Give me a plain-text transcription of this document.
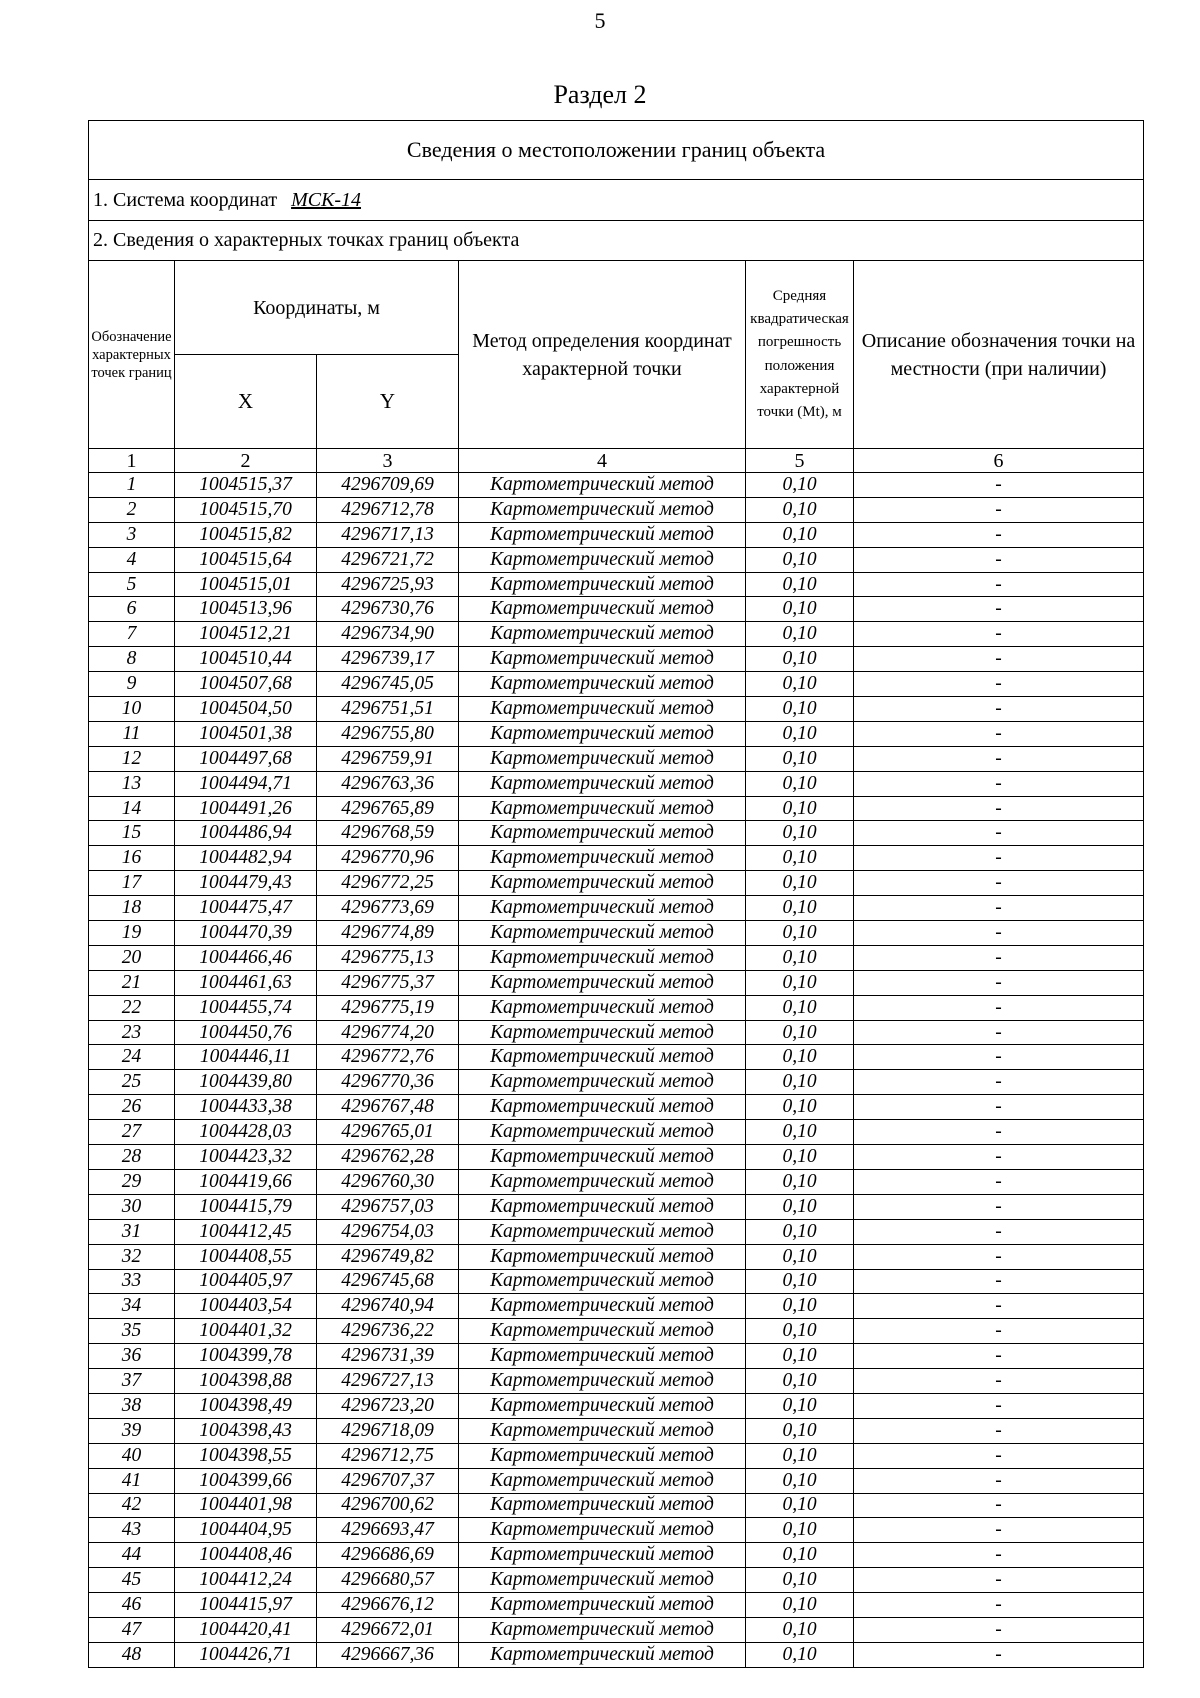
5
Раздел 2
Сведения о местоположении границ объекта					
1. Система координат МСК-14					
2. Сведения о характерных точках границ объекта					
Обозначение характерных точек границ	Координаты, м		Метод определения координат характерной точки	Средняя квадратическая погрешность положения характерной точки (Mt), м	Описание обозначения точки на местности (при наличии)
	X	Y			
1	2	3	4	5	6
1	1004515,37	4296709,69	Картометрический метод	0,10	-
2	1004515,70	4296712,78	Картометрический метод	0,10	-
3	1004515,82	4296717,13	Картометрический метод	0,10	-
4	1004515,64	4296721,72	Картометрический метод	0,10	-
5	1004515,01	4296725,93	Картометрический метод	0,10	-
6	1004513,96	4296730,76	Картометрический метод	0,10	-
7	1004512,21	4296734,90	Картометрический метод	0,10	-
8	1004510,44	4296739,17	Картометрический метод	0,10	-
9	1004507,68	4296745,05	Картометрический метод	0,10	-
10	1004504,50	4296751,51	Картометрический метод	0,10	-
11	1004501,38	4296755,80	Картометрический метод	0,10	-
12	1004497,68	4296759,91	Картометрический метод	0,10	-
13	1004494,71	4296763,36	Картометрический метод	0,10	-
14	1004491,26	4296765,89	Картометрический метод	0,10	-
15	1004486,94	4296768,59	Картометрический метод	0,10	-
16	1004482,94	4296770,96	Картометрический метод	0,10	-
17	1004479,43	4296772,25	Картометрический метод	0,10	-
18	1004475,47	4296773,69	Картометрический метод	0,10	-
19	1004470,39	4296774,89	Картометрический метод	0,10	-
20	1004466,46	4296775,13	Картометрический метод	0,10	-
21	1004461,63	4296775,37	Картометрический метод	0,10	-
22	1004455,74	4296775,19	Картометрический метод	0,10	-
23	1004450,76	4296774,20	Картометрический метод	0,10	-
24	1004446,11	4296772,76	Картометрический метод	0,10	-
25	1004439,80	4296770,36	Картометрический метод	0,10	-
26	1004433,38	4296767,48	Картометрический метод	0,10	-
27	1004428,03	4296765,01	Картометрический метод	0,10	-
28	1004423,32	4296762,28	Картометрический метод	0,10	-
29	1004419,66	4296760,30	Картометрический метод	0,10	-
30	1004415,79	4296757,03	Картометрический метод	0,10	-
31	1004412,45	4296754,03	Картометрический метод	0,10	-
32	1004408,55	4296749,82	Картометрический метод	0,10	-
33	1004405,97	4296745,68	Картометрический метод	0,10	-
34	1004403,54	4296740,94	Картометрический метод	0,10	-
35	1004401,32	4296736,22	Картометрический метод	0,10	-
36	1004399,78	4296731,39	Картометрический метод	0,10	-
37	1004398,88	4296727,13	Картометрический метод	0,10	-
38	1004398,49	4296723,20	Картометрический метод	0,10	-
39	1004398,43	4296718,09	Картометрический метод	0,10	-
40	1004398,55	4296712,75	Картометрический метод	0,10	-
41	1004399,66	4296707,37	Картометрический метод	0,10	-
42	1004401,98	4296700,62	Картометрический метод	0,10	-
43	1004404,95	4296693,47	Картометрический метод	0,10	-
44	1004408,46	4296686,69	Картометрический метод	0,10	-
45	1004412,24	4296680,57	Картометрический метод	0,10	-
46	1004415,97	4296676,12	Картометрический метод	0,10	-
47	1004420,41	4296672,01	Картометрический метод	0,10	-
48	1004426,71	4296667,36	Картометрический метод	0,10	-
